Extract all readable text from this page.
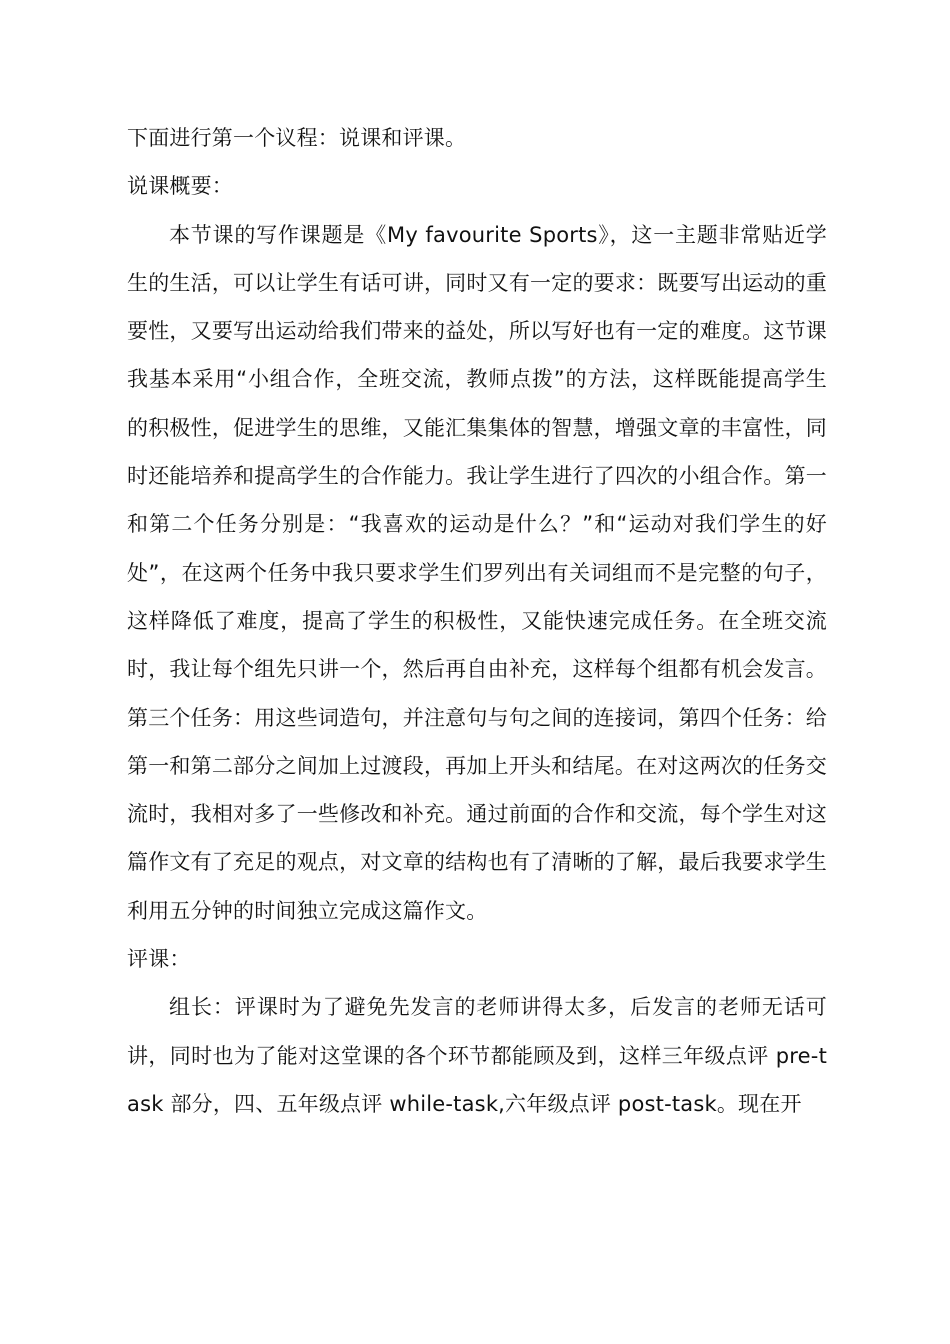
下面进行第一个议程：说课和评课。

说课概要：

本节课的写作课题是《My favourite Sports》，这一主题非常贴近学生的生活，可以让学生有话可讲，同时又有一定的要求：既要写出运动的重要性，又要写出运动给我们带来的益处，所以写好也有一定的难度。这节课我基本采用“小组合作，全班交流，教师点拨”的方法，这样既能提高学生的积极性，促进学生的思维，又能汇集集体的智慧，增强文章的丰富性，同时还能培养和提高学生的合作能力。我让学生进行了四次的小组合作。第一和第二个任务分别是：“我喜欢的运动是什么？”和“运动对我们学生的好处”，在这两个任务中我只要求学生们罗列出有关词组而不是完整的句子，这样降低了难度，提高了学生的积极性，又能快速完成任务。在全班交流时，我让每个组先只讲一个，然后再自由补充，这样每个组都有机会发言。第三个任务：用这些词造句，并注意句与句之间的连接词，第四个任务：给第一和第二部分之间加上过渡段，再加上开头和结尾。在对这两次的任务交流时，我相对多了一些修改和补充。通过前面的合作和交流，每个学生对这篇作文有了充足的观点，对文章的结构也有了清晰的了解，最后我要求学生利用五分钟的时间独立完成这篇作文。

评课：

组长：评课时为了避免先发言的老师讲得太多，后发言的老师无话可讲，同时也为了能对这堂课的各个环节都能顾及到，这样三年级点评 pre-task 部分，四、五年级点评 while-task,六年级点评 post-task。现在开
